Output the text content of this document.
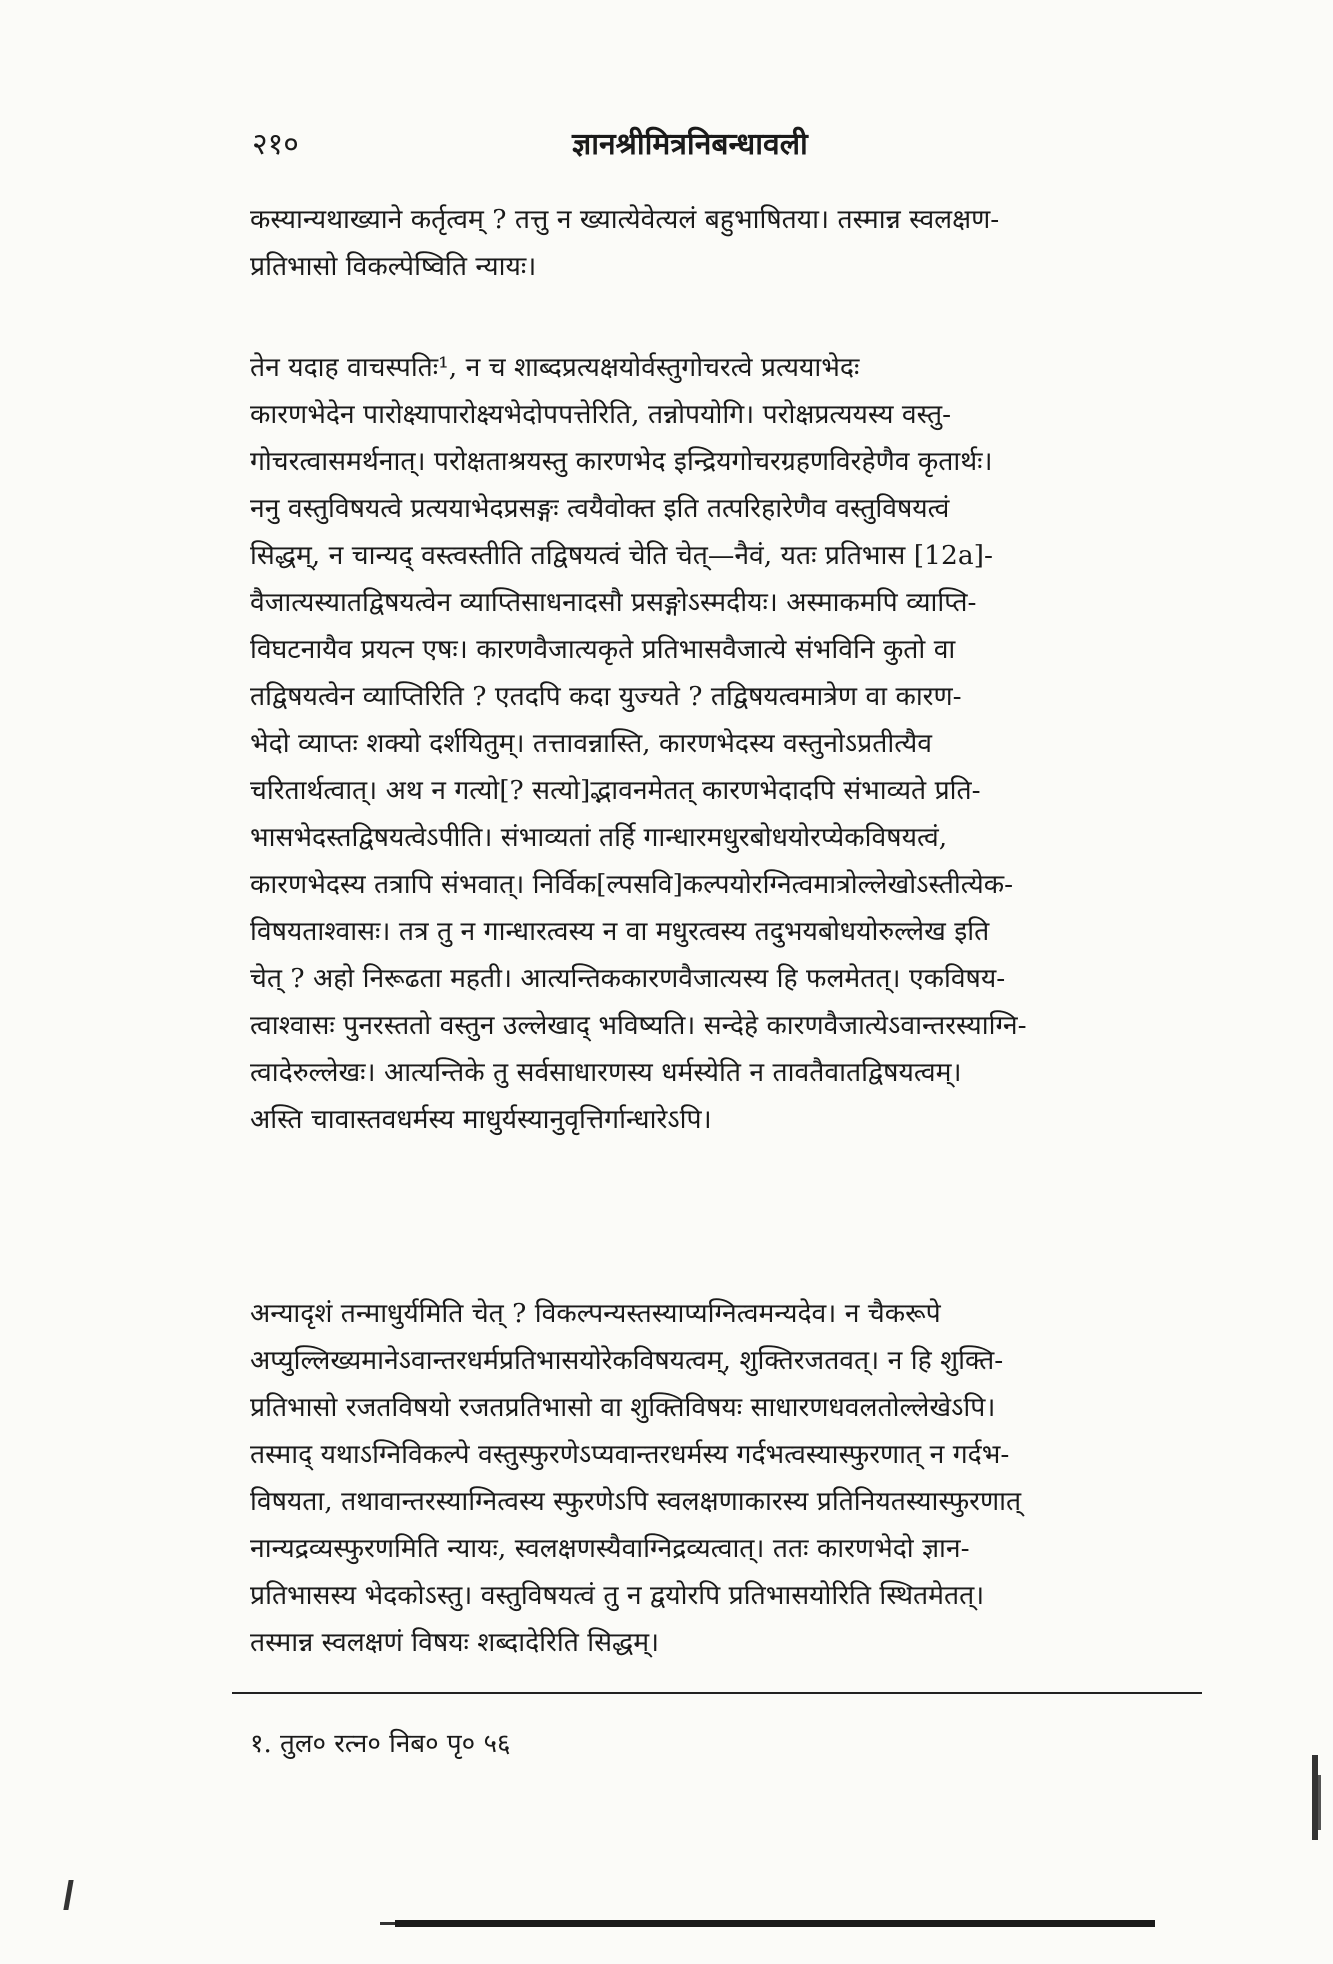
२१०	ज्ञानश्रीमित्रनिबन्धावली
कस्यान्यथाख्याने कर्तृत्वम् ? तत्तु न ख्यात्येवेत्यलं बहुभाषितया। तस्मान्न स्वलक्षण-
प्रतिभासो विकल्पेष्विति न्यायः।
तेन यदाह वाचस्पतिः¹, न च शाब्दप्रत्यक्षयोर्वस्तुगोचरत्वे प्रत्ययाभेदः
कारणभेदेन पारोक्ष्यापारोक्ष्यभेदोपपत्तेरिति, तन्नोपयोगि। परोक्षप्रत्ययस्य वस्तु-
गोचरत्वासमर्थनात्। परोक्षताश्रयस्तु कारणभेद इन्द्रियगोचरग्रहणविरहेणैव कृतार्थः।
ननु वस्तुविषयत्वे प्रत्ययाभेदप्रसङ्गः त्वयैवोक्त इति तत्परिहारेणैव वस्तुविषयत्वं
सिद्धम्, न चान्यद् वस्त्वस्तीति तद्विषयत्वं चेति चेत्—नैवं, यतः प्रतिभास [12a]-
वैजात्यस्यातद्विषयत्वेन व्याप्तिसाधनादसौ प्रसङ्गोऽस्मदीयः। अस्माकमपि व्याप्ति-
विघटनायैव प्रयत्न एषः। कारणवैजात्यकृते प्रतिभासवैजात्ये संभविनि कुतो वा
तद्विषयत्वेन व्याप्तिरिति ? एतदपि कदा युज्यते ? तद्विषयत्वमात्रेण वा कारण-
भेदो व्याप्तः शक्यो दर्शयितुम्। तत्तावन्नास्ति, कारणभेदस्य वस्तुनोऽप्रतीत्यैव
चरितार्थत्वात्। अथ न गत्यो[? सत्यो]द्भावनमेतत् कारणभेदादपि संभाव्यते प्रति-
भासभेदस्तद्विषयत्वेऽपीति। संभाव्यतां तर्हि गान्धारमधुरबोधयोरप्येकविषयत्वं,
कारणभेदस्य तत्रापि संभवात्। निर्विक[ल्पसवि]कल्पयोरग्नित्वमात्रोल्लेखोऽस्तीत्येक-
विषयताश्वासः। तत्र तु न गान्धारत्वस्य न वा मधुरत्वस्य तदुभयबोधयोरुल्लेख इति
चेत् ? अहो निरूढता महती। आत्यन्तिककारणवैजात्यस्य हि फलमेतत्। एकविषय-
त्वाश्वासः पुनरस्ततो वस्तुन उल्लेखाद् भविष्यति। सन्देहे कारणवैजात्येऽवान्तरस्याग्नि-
त्वादेरुल्लेखः। आत्यन्तिके तु सर्वसाधारणस्य धर्मस्येति न तावतैवातद्विषयत्वम्।
अस्ति चावास्तवधर्मस्य माधुर्यस्यानुवृत्तिर्गान्धारेऽपि।
अन्यादृशं तन्माधुर्यमिति चेत् ? विकल्पन्यस्तस्याप्यग्नित्वमन्यदेव। न चैकरूपे
अप्युल्लिख्यमानेऽवान्तरधर्मप्रतिभासयोरेकविषयत्वम्, शुक्तिरजतवत्। न हि शुक्ति-
प्रतिभासो रजतविषयो रजतप्रतिभासो वा शुक्तिविषयः साधारणधवलतोल्लेखेऽपि।
तस्माद् यथाऽग्निविकल्पे वस्तुस्फुरणेऽप्यवान्तरधर्मस्य गर्दभत्वस्यास्फुरणात् न गर्दभ-
विषयता, तथावान्तरस्याग्नित्वस्य स्फुरणेऽपि स्वलक्षणाकारस्य प्रतिनियतस्यास्फुरणात्
नान्यद्रव्यस्फुरणमिति न्यायः, स्वलक्षणस्यैवाग्निद्रव्यत्वात्। ततः कारणभेदो ज्ञान-
प्रतिभासस्य भेदकोऽस्तु। वस्तुविषयत्वं तु न द्वयोरपि प्रतिभासयोरिति स्थितमेतत्।
तस्मान्न स्वलक्षणं विषयः शब्दादेरिति सिद्धम्।
१. तुल० रत्न० निब० पृ० ५६
